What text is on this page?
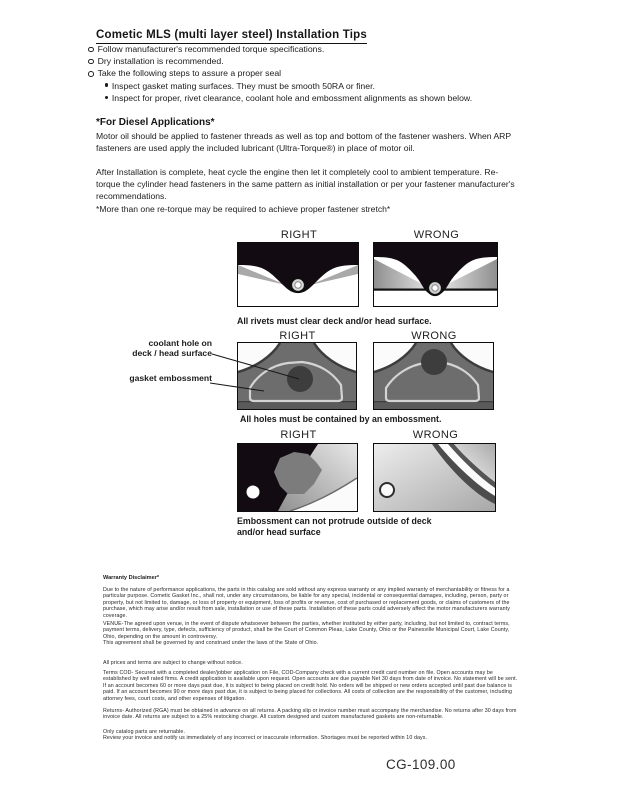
Cometic MLS (multi layer steel) Installation Tips
Follow manufacturer's recommended torque specifications.
Dry installation is recommended.
Take the following steps to assure a proper seal
Inspect gasket mating surfaces. They must be smooth 50RA or finer.
Inspect for proper, rivet clearance, coolant hole and embossment alignments as shown below.
*For Diesel Applications*
Motor oil should be applied to fastener threads as well as top and bottom of the fastener washers. When ARP fasteners are used apply the included lubricant (Ultra-Torque®) in place of motor oil.
After Installation is complete, heat cycle the engine then let it completely cool to ambient temperature. Re-torque the cylinder head fasteners in the same pattern as initial installation or per your fastener manufacturer's recommendations.
*More than one re-torque may be required to achieve proper fastener stretch*
RIGHT	WRONG
All rivets must clear deck and/or head surface.
RIGHT	WRONG
coolant hole on
deck / head surface
gasket embossment
All holes must be contained by an embossment.
RIGHT	WRONG
Embossment can not protrude outside of deck
and/or head surface
Warranty Disclaimer*
Due to the nature of performance applications, the parts in this catalog are sold without any express warranty or any implied warranty of merchantability or fitness for a particular purpose. Cometic Gasket Inc., shall not, under any circumstances, be liable for any special, incidental or consequential damages, including, person, party or property, but not limited to, damage, or loss of property or equipment, loss of profits or revenue, cost of purchased or replacement goods, or claims of customers of the purchase, which may arise and/or result from sale, installation or use of these parts. Installation of these parts could adversely affect the motor manufacturers warranty coverage.
VENUE-The agreed upon venue, in the event of dispute whatsoever between the parties, whether instituted by either party, including, but not limited to, contract terms, payment terms, delivery, type, defects, sufficiency of product, shall be the Court of Common Pleas, Lake County, Ohio or the Painesville Municipal Court, Lake County, Ohio, depending on the amount in controversy.
This agreement shall be governed by and construed under the laws of the State of Ohio.
All prices and terms are subject to change without notice.
Terms COD- Secured with a completed dealer/jobber application on File, COD-Company check with a current credit card number on file. Open accounts may be established by well rated firms. A credit application is available upon request. Open accounts are due payable Net 30 days from date of invoice. No statement will be sent. If an account becomes 60 or more days past due, it is subject to being placed on credit hold. No orders will be shipped or new orders accepted until past due balance is paid. If an account becomes 90 or more days past due, it is subject to being placed for collections. All costs of collection are the responsibility of the customer, including attorney fees, court costs, and other expenses of litigation.
Returns- Authorized (RGA) must be obtained in advance on all returns. A packing slip or invoice number must accompany the merchandise. No returns after 30 days from invoice date. All returns are subject to a 25% restocking charge. All custom designed and custom manufactured gaskets are non-returnable.
Only catalog parts are returnable.
Review your invoice and notify us immediately of any incorrect or inaccurate information. Shortages must be reported within 10 days.
CG-109.00
